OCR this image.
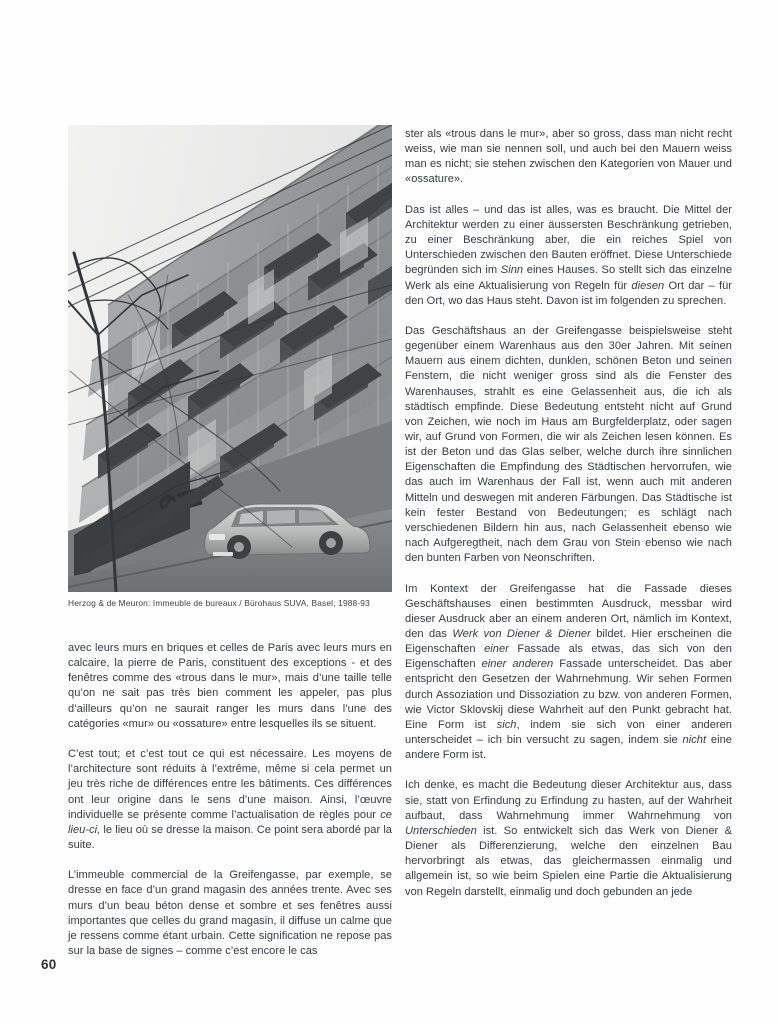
Herzog & de Meuron: Immeuble de bureaux / Bürohaus SUVA, Basel, 1988-93

avec leurs murs en briques et celles de Paris avec leurs murs en calcaire, la pierre de Paris, constituent des exceptions - et des fenêtres comme des «trous dans le mur», mais d’une taille telle qu’on ne sait pas très bien comment les appeler, pas plus d’ailleurs qu’on ne saurait ranger les murs dans l’une des catégories «mur» ou «ossature» entre lesquelles ils se situent.

C’est tout; et c’est tout ce qui est nécessaire. Les moyens de l’architecture sont réduits à l’extrême, même si cela permet un jeu très riche de différences entre les bâtiments. Ces différences ont leur origine dans le sens d’une maison. Ainsi, l’œuvre individuelle se présente comme l’actualisation de règles pour ce lieu-ci, le lieu où se dresse la maison. Ce point sera abordé par la suite.

L’immeuble commercial de la Greifengasse, par exemple, se dresse en face d’un grand magasin des années trente. Avec ses murs d’un beau béton dense et sombre et ses fenêtres aussi importantes que celles du grand magasin, il diffuse un calme que je ressens comme étant urbain. Cette signification ne repose pas sur la base de signes – comme c’est encore le cas

ster als «trous dans le mur», aber so gross, dass man nicht recht weiss, wie man sie nennen soll, und auch bei den Mauern weiss man es nicht; sie stehen zwischen den Kategorien von Mauer und «ossature».

Das ist alles – und das ist alles, was es braucht. Die Mittel der Architektur werden zu einer äussersten Beschränkung getrieben, zu einer Beschränkung aber, die ein reiches Spiel von Unterschieden zwischen den Bauten eröffnet. Diese Unterschiede begründen sich im Sinn eines Hauses. So stellt sich das einzelne Werk als eine Aktualisierung von Regeln für diesen Ort dar – für den Ort, wo das Haus steht. Davon ist im folgenden zu sprechen.

Das Geschäftshaus an der Greifengasse beispielsweise steht gegenüber einem Warenhaus aus den 30er Jahren. Mit seinen Mauern aus einem dichten, dunklen, schönen Beton und seinen Fenstern, die nicht weniger gross sind als die Fenster des Warenhauses, strahlt es eine Gelassenheit aus, die ich als städtisch empfinde. Diese Bedeutung entsteht nicht auf Grund von Zeichen, wie noch im Haus am Burgfelderplatz, oder sagen wir, auf Grund von Formen, die wir als Zeichen lesen können. Es ist der Beton und das Glas selber, welche durch ihre sinnlichen Eigenschaften die Empfindung des Städtischen hervorrufen, wie das auch im Warenhaus der Fall ist, wenn auch mit anderen Mitteln und deswegen mit anderen Färbungen. Das Städtische ist kein fester Bestand von Bedeutungen; es schlägt nach verschiedenen Bildern hin aus, nach Gelassenheit ebenso wie nach Aufgeregtheit, nach dem Grau von Stein ebenso wie nach den bunten Farben von Neonschriften.

Im Kontext der Greifengasse hat die Fassade dieses Geschäftshauses einen bestimmten Ausdruck, messbar wird dieser Ausdruck aber an einem anderen Ort, nämlich im Kontext, den das Werk von Diener & Diener bildet. Hier erscheinen die Eigenschaften einer Fassade als etwas, das sich von den Eigenschaften einer anderen Fassade unterscheidet. Das aber entspricht den Gesetzen der Wahrnehmung. Wir sehen Formen durch Assoziation und Dissoziation zu bzw. von anderen Formen, wie Victor Sklovskij diese Wahrheit auf den Punkt gebracht hat. Eine Form ist sich, indem sie sich von einer anderen unterscheidet – ich bin versucht zu sagen, indem sie nicht eine andere Form ist.

Ich denke, es macht die Bedeutung dieser Architektur aus, dass sie, statt von Erfindung zu Erfindung zu hasten, auf der Wahrheit aufbaut, dass Wahrnehmung immer Wahrnehmung von Unterschieden ist. So entwickelt sich das Werk von Diener & Diener als Differenzierung, welche den einzelnen Bau hervorbringt als etwas, das gleichermassen einmalig und allgemein ist, so wie beim Spielen eine Partie die Aktualisierung von Regeln darstellt, einmalig und doch gebunden an jede

60
